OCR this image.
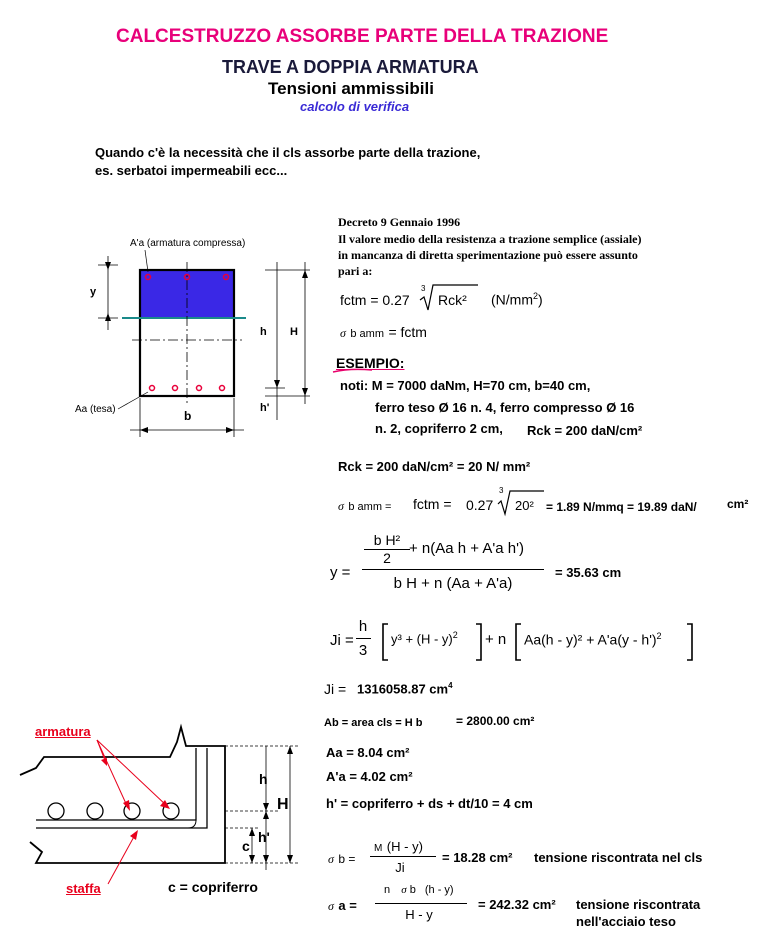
CALCESTRUZZO ASSORBE PARTE DELLA TRAZIONE
TRAVE A DOPPIA ARMATURA
Tensioni ammissibili
calcolo di verifica
Quando c'è la necessità che il cls assorbe parte della trazione,
es. serbatoi impermeabili ecc...
A'a (armatura compressa)
Aa (tesa)
y
h H
h'
b
Decreto 9 Gennaio 1996
Il valore medio della resistenza a trazione semplice (assiale)
in mancanza di diretta sperimentazione può essere assunto
pari a:
fctm = 0.27
3
Rck² $(N/mm^2)$
σ b amm = fctm
ESEMPIO:
noti: M = 7000 daNm, H=70 cm, b=40 cm,
ferro teso Ø 16 n. 4, ferro compresso Ø 16
n. 2, copriferro 2 cm, Rck = 200 daN/cm²
Rck = 200 daN/cm² = 20 N/ mm²
σ b amm = fctm = 0.27
3
20² = 1.89 N/mmq = 19.89 daN/	cm²
y =
b H²
2
+ n(Aa h + A'a h')
b H + n (Aa + A'a)
= 35.63 cm
Ji =
h
3
y³ + (H - y)$^2$ + n Aa(h - y)² + A'a(y - h')$^2$
Ji = 1316058.87 $cm^4$
Ab = area cls = H b	= 2800.00 cm²
Aa = 8.04 cm²
A'a = 4.02 cm²
h' = copriferro + ds + dt/10 = 4 cm
σ b =
M (H - y)
Ji
= 18.28 cm² tensione riscontrata nel cls
σ a =
n σ b (h - y)
H - y
= 242.32 cm² tensione riscontrata
nell'acciaio teso
armatura
staffa	c = copriferro
h
H
h'
c
